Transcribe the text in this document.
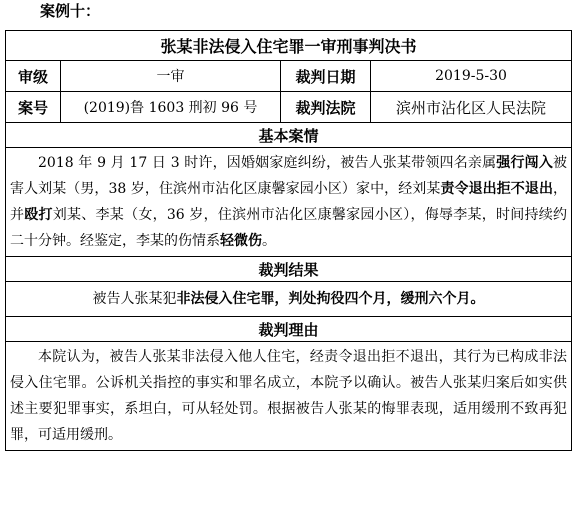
案例十：
张某非法侵入住宅罪一审刑事判决书			
审级	一审	裁判日期	2019-5-30
案号	(2019)鲁 1603 刑初 96 号	裁判法院	滨州市沾化区人民法院
基本案情			
2018 年 9 月 17 日 3 时许，因婚姻家庭纠纷，被告人张某带领四名亲属强行闯入被害人刘某（男，38 岁，住滨州市沾化区康馨家园小区）家中，经刘某责令退出拒不退出，并殴打刘某、李某（女，36 岁，住滨州市沾化区康馨家园小区），侮辱李某，时间持续约二十分钟。经鉴定，李某的伤情系轻微伤。			
裁判结果			
被告人张某犯非法侵入住宅罪，判处拘役四个月，缓刑六个月。			
裁判理由			
本院认为，被告人张某非法侵入他人住宅，经责令退出拒不退出，其行为已构成非法侵入住宅罪。公诉机关指控的事实和罪名成立，本院予以确认。被告人张某归案后如实供述主要犯罪事实，系坦白，可从轻处罚。根据被告人张某的悔罪表现，适用缓刑不致再犯罪，可适用缓刑。			
